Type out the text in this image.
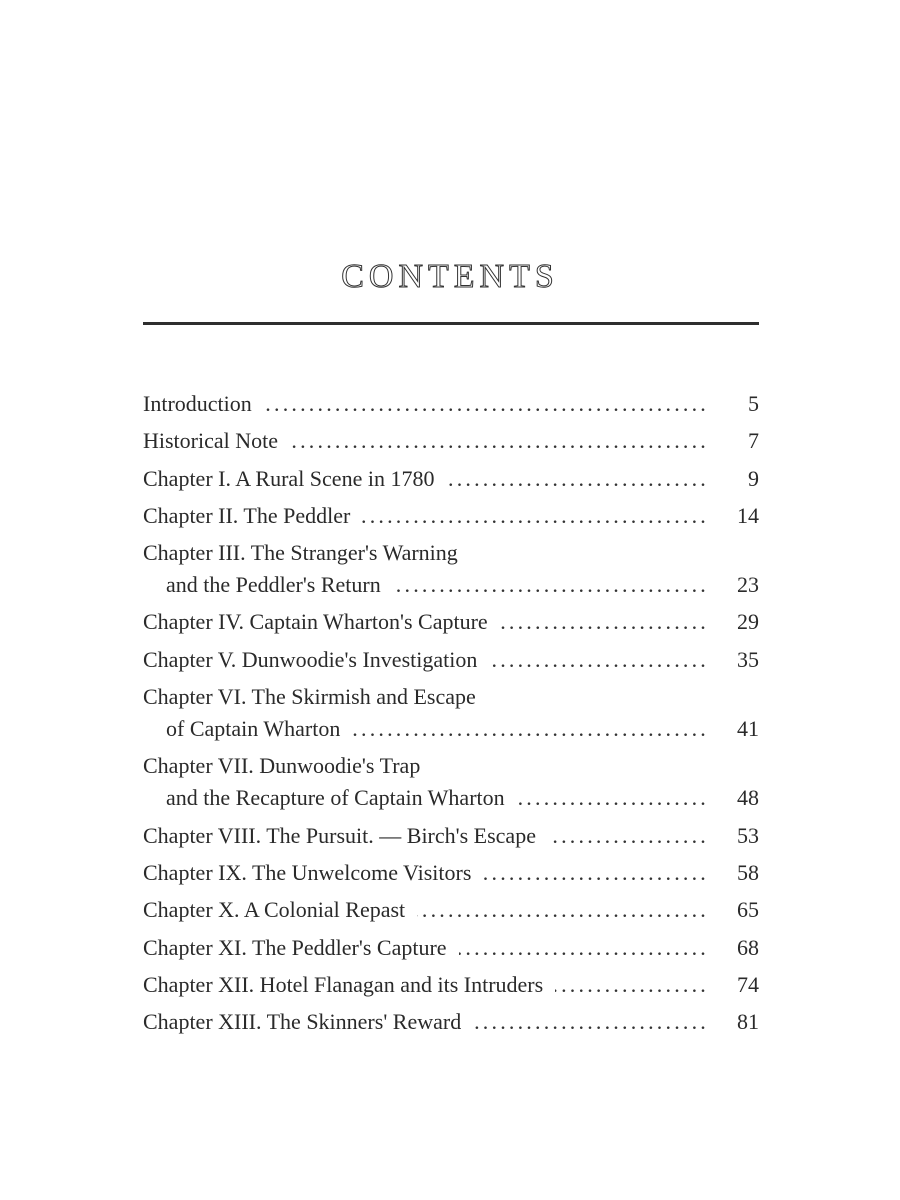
CONTENTS
Introduction .....	5
Historical Note .....	7
Chapter I. A Rural Scene in 1780 .....	9
Chapter II. The Peddler .....	14
Chapter III. The Stranger's Warning
and the Peddler's Return .....	23
Chapter IV. Captain Wharton's Capture .....	29
Chapter V. Dunwoodie's Investigation .....	35
Chapter VI. The Skirmish and Escape
of Captain Wharton .....	41
Chapter VII. Dunwoodie's Trap
and the Recapture of Captain Wharton .....	48
Chapter VIII. The Pursuit. — Birch's Escape .....	53
Chapter IX. The Unwelcome Visitors .....	58
Chapter X. A Colonial Repast .....	65
Chapter XI. The Peddler's Capture .....	68
Chapter XII. Hotel Flanagan and its Intruders .....	74
Chapter XIII. The Skinners' Reward .....	81
